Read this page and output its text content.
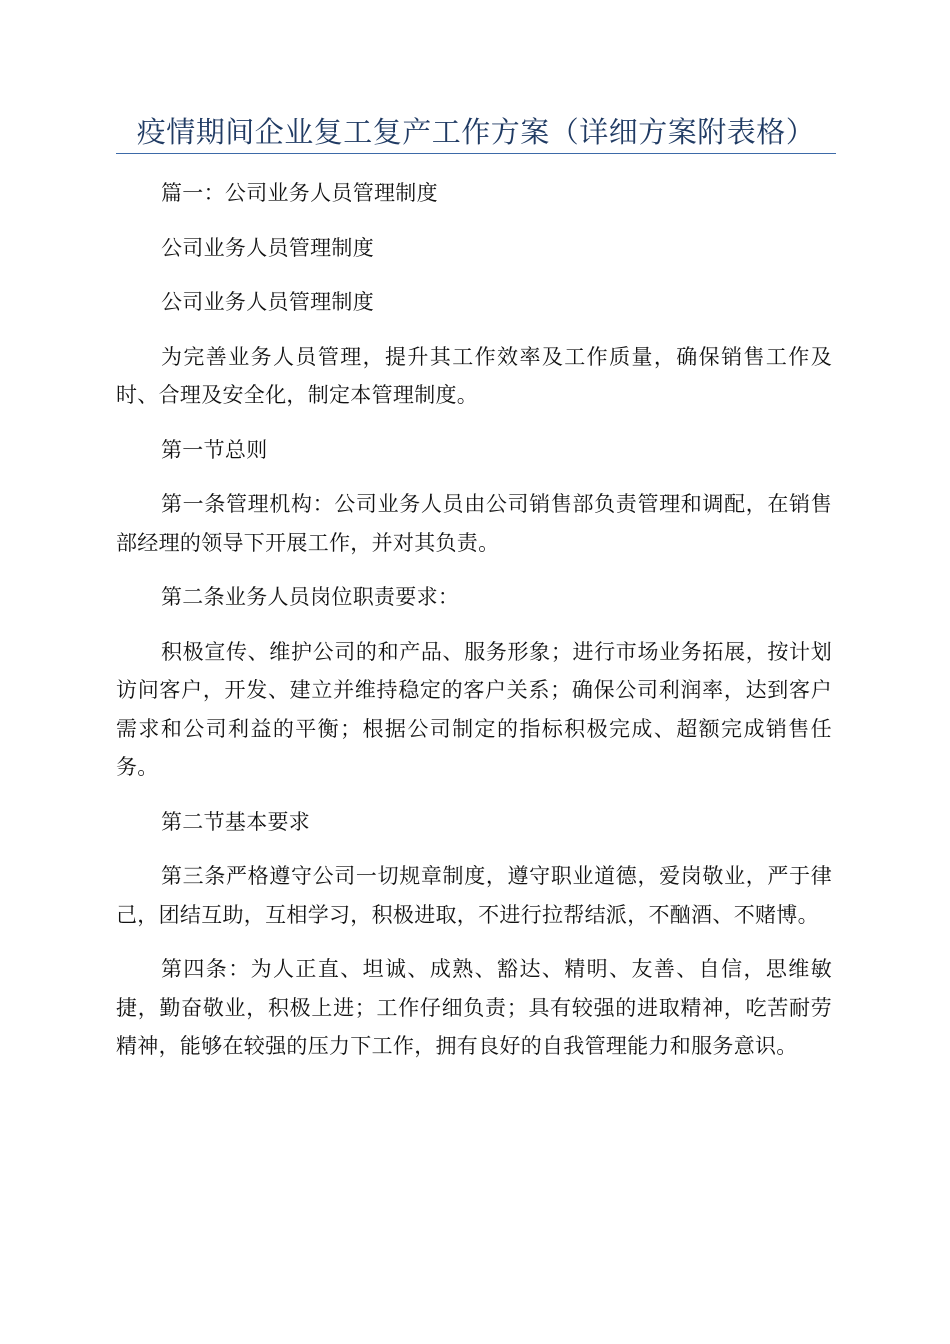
疫情期间企业复工复产工作方案（详细方案附表格）

篇一：公司业务人员管理制度

公司业务人员管理制度

公司业务人员管理制度

为完善业务人员管理，提升其工作效率及工作质量，确保销售工作及时、合理及安全化，制定本管理制度。

第一节总则

第一条管理机构：公司业务人员由公司销售部负责管理和调配，在销售部经理的领导下开展工作，并对其负责。

第二条业务人员岗位职责要求：

积极宣传、维护公司的和产品、服务形象；进行市场业务拓展，按计划访问客户，开发、建立并维持稳定的客户关系；确保公司利润率，达到客户需求和公司利益的平衡；根据公司制定的指标积极完成、超额完成销售任务。

第二节基本要求

第三条严格遵守公司一切规章制度，遵守职业道德，爱岗敬业，严于律己，团结互助，互相学习，积极进取，不进行拉帮结派，不酗酒、不赌博。

第四条：为人正直、坦诚、成熟、豁达、精明、友善、自信，思维敏捷，勤奋敬业，积极上进；工作仔细负责；具有较强的进取精神，吃苦耐劳精神，能够在较强的压力下工作，拥有良好的自我管理能力和服务意识。
